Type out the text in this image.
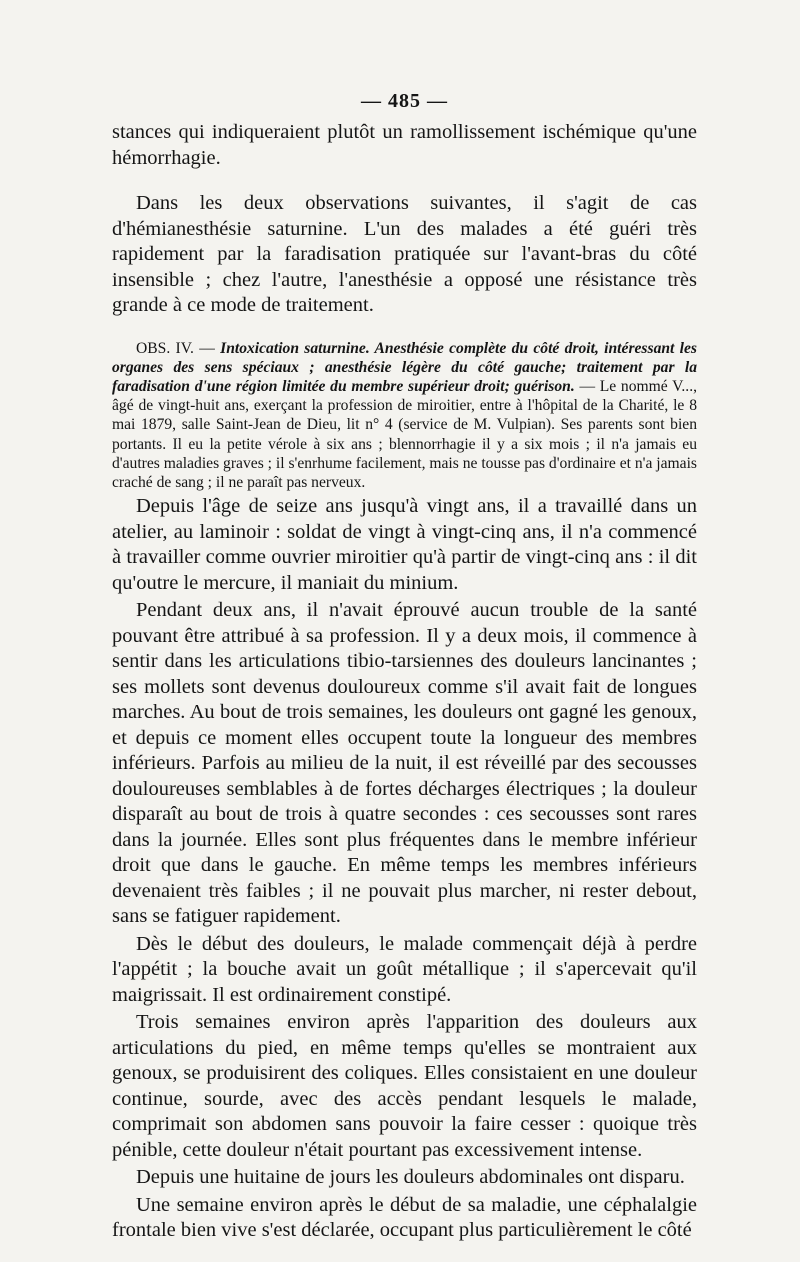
— 485 —

stances qui indiqueraient plutôt un ramollissement ischémique qu'une hémorrhagie.

Dans les deux observations suivantes, il s'agit de cas d'hémianesthésie saturnine. L'un des malades a été guéri très rapidement par la faradisation pratiquée sur l'avant-bras du côté insensible ; chez l'autre, l'anesthésie a opposé une résistance très grande à ce mode de traitement.

OBS. IV. — Intoxication saturnine. Anesthésie complète du côté droit, intéressant les organes des sens spéciaux ; anesthésie légère du côté gauche; traitement par la faradisation d'une région limitée du membre supérieur droit; guérison. — Le nommé V..., âgé de vingt-huit ans, exerçant la profession de miroitier, entre à l'hôpital de la Charité, le 8 mai 1879, salle Saint-Jean de Dieu, lit n° 4 (service de M. Vulpian). Ses parents sont bien portants. Il eu la petite vérole à six ans ; blennorrhagie il y a six mois ; il n'a jamais eu d'autres maladies graves ; il s'enrhume facilement, mais ne tousse pas d'ordinaire et n'a jamais craché de sang ; il ne paraît pas nerveux.

Depuis l'âge de seize ans jusqu'à vingt ans, il a travaillé dans un atelier, au laminoir : soldat de vingt à vingt-cinq ans, il n'a commencé à travailler comme ouvrier miroitier qu'à partir de vingt-cinq ans : il dit qu'outre le mercure, il maniait du minium.

Pendant deux ans, il n'avait éprouvé aucun trouble de la santé pouvant être attribué à sa profession. Il y a deux mois, il commence à sentir dans les articulations tibio-tarsiennes des douleurs lancinantes ; ses mollets sont devenus douloureux comme s'il avait fait de longues marches. Au bout de trois semaines, les douleurs ont gagné les genoux, et depuis ce moment elles occupent toute la longueur des membres inférieurs. Parfois au milieu de la nuit, il est réveillé par des secousses douloureuses semblables à de fortes décharges électriques ; la douleur disparaît au bout de trois à quatre secondes : ces secousses sont rares dans la journée. Elles sont plus fréquentes dans le membre inférieur droit que dans le gauche. En même temps les membres inférieurs devenaient très faibles ; il ne pouvait plus marcher, ni rester debout, sans se fatiguer rapidement.

Dès le début des douleurs, le malade commençait déjà à perdre l'appétit ; la bouche avait un goût métallique ; il s'apercevait qu'il maigrissait. Il est ordinairement constipé.

Trois semaines environ après l'apparition des douleurs aux articulations du pied, en même temps qu'elles se montraient aux genoux, se produisirent des coliques. Elles consistaient en une douleur continue, sourde, avec des accès pendant lesquels le malade, comprimait son abdomen sans pouvoir la faire cesser : quoique très pénible, cette douleur n'était pourtant pas excessivement intense.

Depuis une huitaine de jours les douleurs abdominales ont disparu.

Une semaine environ après le début de sa maladie, une céphalalgie frontale bien vive s'est déclarée, occupant plus particulièrement le côté
